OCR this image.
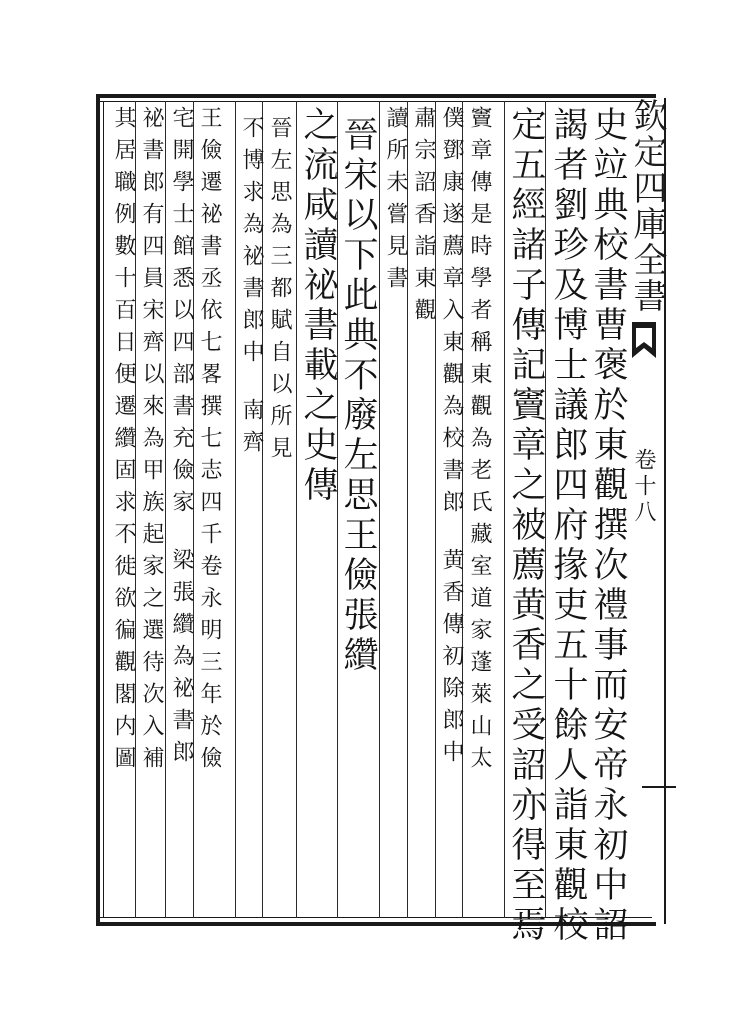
欽定四庫全書
卷十八
史竝典校書曹褒於東觀撰次禮事而安帝永初中詔
謁者劉珍及博士議郎四府掾吏五十餘人詣東觀校
定五經諸子傳記竇章之被薦黄香之受詔亦得至焉
竇章傳是時學者稱東觀為老氏藏室道家蓬萊山太
僕鄧康遂薦章入東觀為校書郎黄香傳初除郎中
肅宗詔香詣東觀
讀所未嘗見書
晉宋以下此典不廢左思王儉張纘
之流咸讀祕書載之史傳
晉左思為三都賦自以所見
不博求為祕書郎中南齊
王儉遷祕書丞依七畧撰七志四千卷永明三年於儉
宅開學士館悉以四部書充儉家梁張纘為祕書郎
祕書郎有四員宋齊以來為甲族起家之選待次入補
其居職例數十百日便遷纘固求不徙欲徧觀閣内圖
